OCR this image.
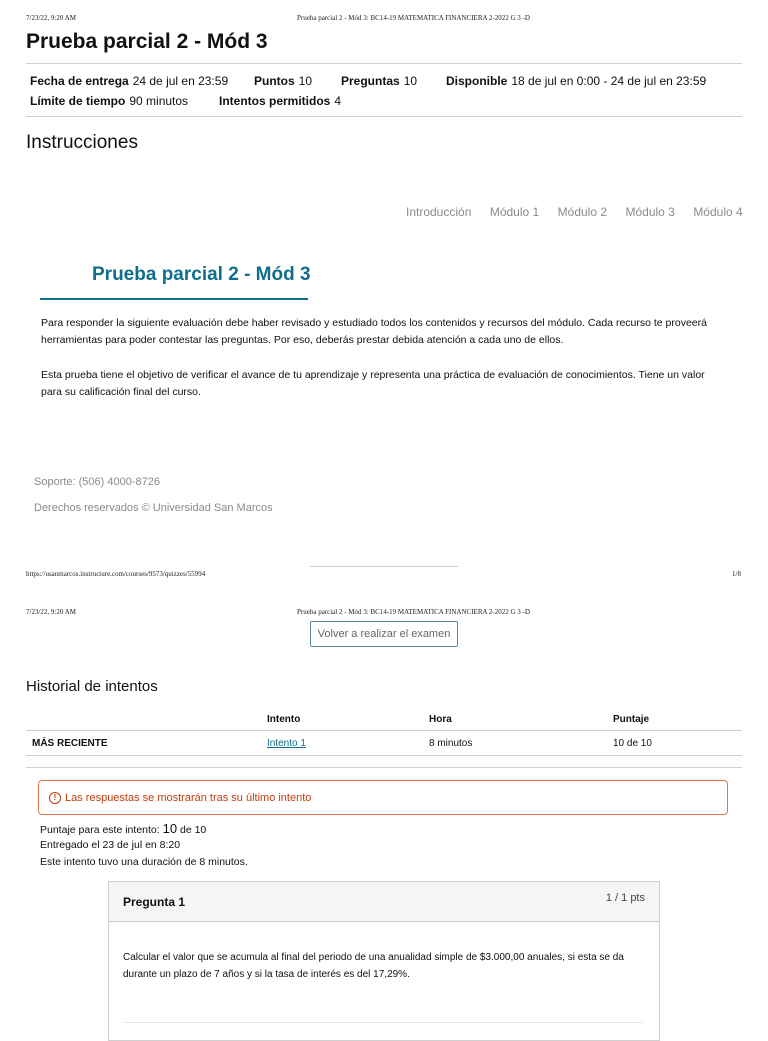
7/23/22, 9:20 AM	Prueba parcial 2 - Mód 3: BC14-19 MATEMATICA FINANCIERA 2-2022 G 3 -D
Prueba parcial 2 - Mód 3
Fecha de entrega 24 de jul en 23:59 Puntos 10 Preguntas 10 Disponible 18 de jul en 0:00 - 24 de jul en 23:59
Límite de tiempo 90 minutos	Intentos permitidos 4
Instrucciones
Introducción Módulo 1 Módulo 2 Módulo 3 Módulo 4
Prueba parcial 2 - Mód 3
Para responder la siguiente evaluación debe haber revisado y estudiado todos los contenidos y recursos del módulo. Cada recurso te proveerá herramientas para poder contestar las preguntas. Por eso, deberás prestar debida atención a cada uno de ellos.
Esta prueba tiene el objetivo de verificar el avance de tu aprendizaje y representa una práctica de evaluación de conocimientos. Tiene un valor para su calificación final del curso.
Soporte: (506) 4000-8726
Derechos reservados © Universidad San Marcos
https://usanmarcos.instructure.com/courses/9573/quizzes/55994	1/8
7/23/22, 9:20 AM	Prueba parcial 2 - Mód 3: BC14-19 MATEMATICA FINANCIERA 2-2022 G 3 -D
Volver a realizar el examen
Historial de intentos
	Intento	Hora	Puntaje
MÁS RECIENTE	Intento 1	8 minutos	10 de 10
! Las respuestas se mostrarán tras su último intento
Puntaje para este intento: 10 de 10
Entregado el 23 de jul en 8:20
Este intento tuvo una duración de 8 minutos.
Pregunta 1	1 / 1 pts
Calcular el valor que se acumula al final del periodo de una anualidad simple de $3.000,00 anuales, si esta se da durante un plazo de 7 años y si la tasa de interés es del 17,29%.
